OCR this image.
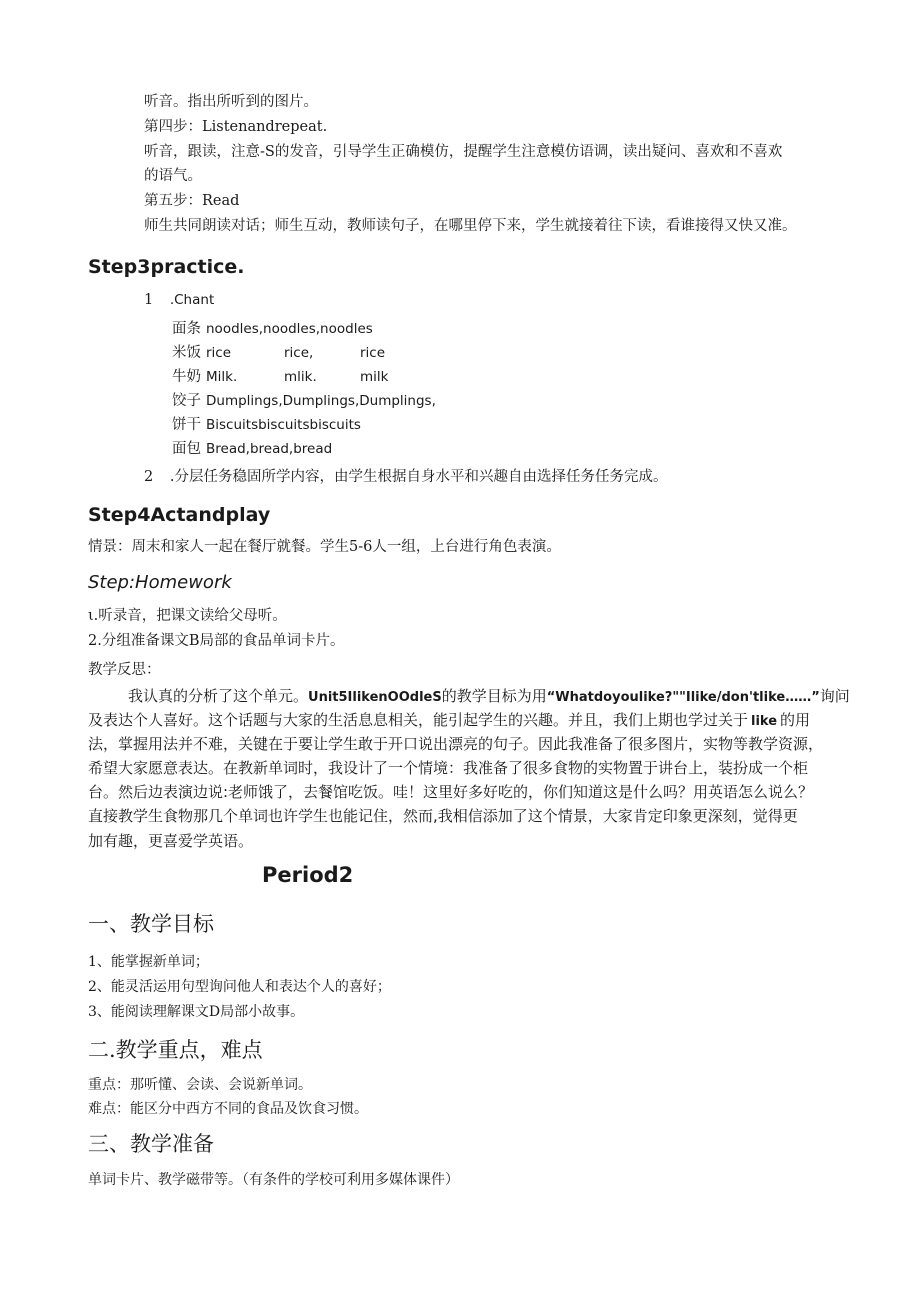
听音。指出所听到的图片。
第四步：Listenandrepeat.
听音，跟读，注意-S的发音，引导学生正确模仿，提醒学生注意模仿语调，读出疑问、喜欢和不喜欢
的语气。
第五步：Read
师生共同朗读对话；师生互动，教师读句子，在哪里停下来，学生就接着往下读，看谁接得又快又准。
Step3practice.
1 .Chant
面条 noodles,noodles,noodles
米饭 rice	rice,	rice
牛奶 Milk.	mlik.	milk
饺子 Dumplings,Dumplings,Dumplings,
饼干 Biscuitsbiscuitsbiscuits
面包 Bread,bread,bread
2 .分层任务稳固所学内容，由学生根据自身水平和兴趣自由选择任务任务完成。
Step4Actandplay
情景：周末和家人一起在餐厅就餐。学生5-6人一组，上台进行角色表演。
Step:Homework
ι.听录音，把课文读给父母听。
2.分组准备课文B局部的食品单词卡片。
教学反思：
我认真的分析了这个单元。Unit5IlikenOOdleS的教学目标为用“Whatdoyoulike?""Ilike/don'tlike……”询问
及表达个人喜好。这个话题与大家的生活息息相关，能引起学生的兴趣。并且，我们上期也学过关于 like 的用
法，掌握用法并不难，关键在于要让学生敢于开口说出漂亮的句子。因此我准备了很多图片，实物等教学资源，
希望大家愿意表达。在教新单词时，我设计了一个情境：我准备了很多食物的实物置于讲台上，装扮成一个柜
台。然后边表演边说:老师饿了，去餐馆吃饭。哇！这里好多好吃的，你们知道这是什么吗？用英语怎么说么？
直接教学生食物那几个单词也许学生也能记住，然而,我相信添加了这个情景，大家肯定印象更深刻，觉得更
加有趣，更喜爱学英语。
Period2
一、教学目标
1、能掌握新单词；
2、能灵活运用句型询问他人和表达个人的喜好；
3、能阅读理解课文D局部小故事。
二.教学重点，难点
重点：那听懂、会读、会说新单词。
难点：能区分中西方不同的食品及饮食习惯。
三、教学准备
单词卡片、教学磁带等。（有条件的学校可利用多媒体课件）
